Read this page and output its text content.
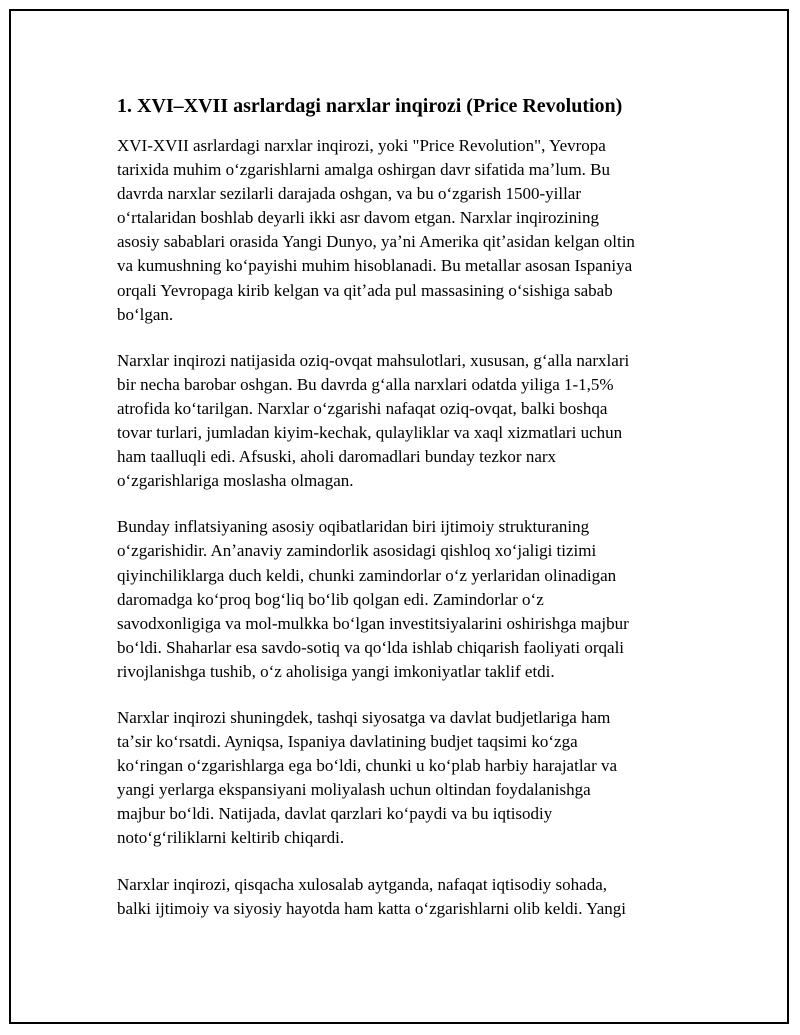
1. XVI–XVII asrlardagi narxlar inqirozi (Price Revolution)
XVI-XVII asrlardagi narxlar inqirozi, yoki "Price Revolution", Yevropa
tarixida muhim oʻzgarishlarni amalga oshirgan davr sifatida maʼlum. Bu
davrda narxlar sezilarli darajada oshgan, va bu oʻzgarish 1500-yillar
oʻrtalaridan boshlab deyarli ikki asr davom etgan. Narxlar inqirozining
asosiy sabablari orasida Yangi Dunyo, yaʼni Amerika qitʼasidan kelgan oltin
va kumushning koʻpayishi muhim hisoblanadi. Bu metallar asosan Ispaniya
orqali Yevropaga kirib kelgan va qitʼada pul massasining oʻsishiga sabab
boʻlgan.
Narxlar inqirozi natijasida oziq-ovqat mahsulotlari, xususan, gʻalla narxlari
bir necha barobar oshgan. Bu davrda gʻalla narxlari odatda yiliga 1-1,5%
atrofida koʻtarilgan. Narxlar oʻzgarishi nafaqat oziq-ovqat, balki boshqa
tovar turlari, jumladan kiyim-kechak, qulayliklar va xaql xizmatlari uchun
ham taalluqli edi. Afsuski, aholi daromadlari bunday tezkor narx
oʻzgarishlariga moslasha olmagan.
Bunday inflatsiyaning asosiy oqibatlaridan biri ijtimoiy strukturaning
oʻzgarishidir. Anʼanaviy zamindorlik asosidagi qishloq xoʻjaligi tizimi
qiyinchiliklarga duch keldi, chunki zamindorlar oʻz yerlaridan olinadigan
daromadga koʻproq bogʻliq boʻlib qolgan edi. Zamindorlar oʻz
savodxonligiga va mol-mulkka boʻlgan investitsiyalarini oshirishga majbur
boʻldi. Shaharlar esa savdo-sotiq va qoʻlda ishlab chiqarish faoliyati orqali
rivojlanishga tushib, oʻz aholisiga yangi imkoniyatlar taklif etdi.
Narxlar inqirozi shuningdek, tashqi siyosatga va davlat budjetlariga ham
taʼsir koʻrsatdi. Ayniqsa, Ispaniya davlatining budjet taqsimi koʻzga
koʻringan oʻzgarishlarga ega boʻldi, chunki u koʻplab harbiy harajatlar va
yangi yerlarga ekspansiyani moliyalash uchun oltindan foydalanishga
majbur boʻldi. Natijada, davlat qarzlari koʻpaydi va bu iqtisodiy
notoʻgʻriliklarni keltirib chiqardi.
Narxlar inqirozi, qisqacha xulosalab aytganda, nafaqat iqtisodiy sohada,
balki ijtimoiy va siyosiy hayotda ham katta oʻzgarishlarni olib keldi. Yangi
